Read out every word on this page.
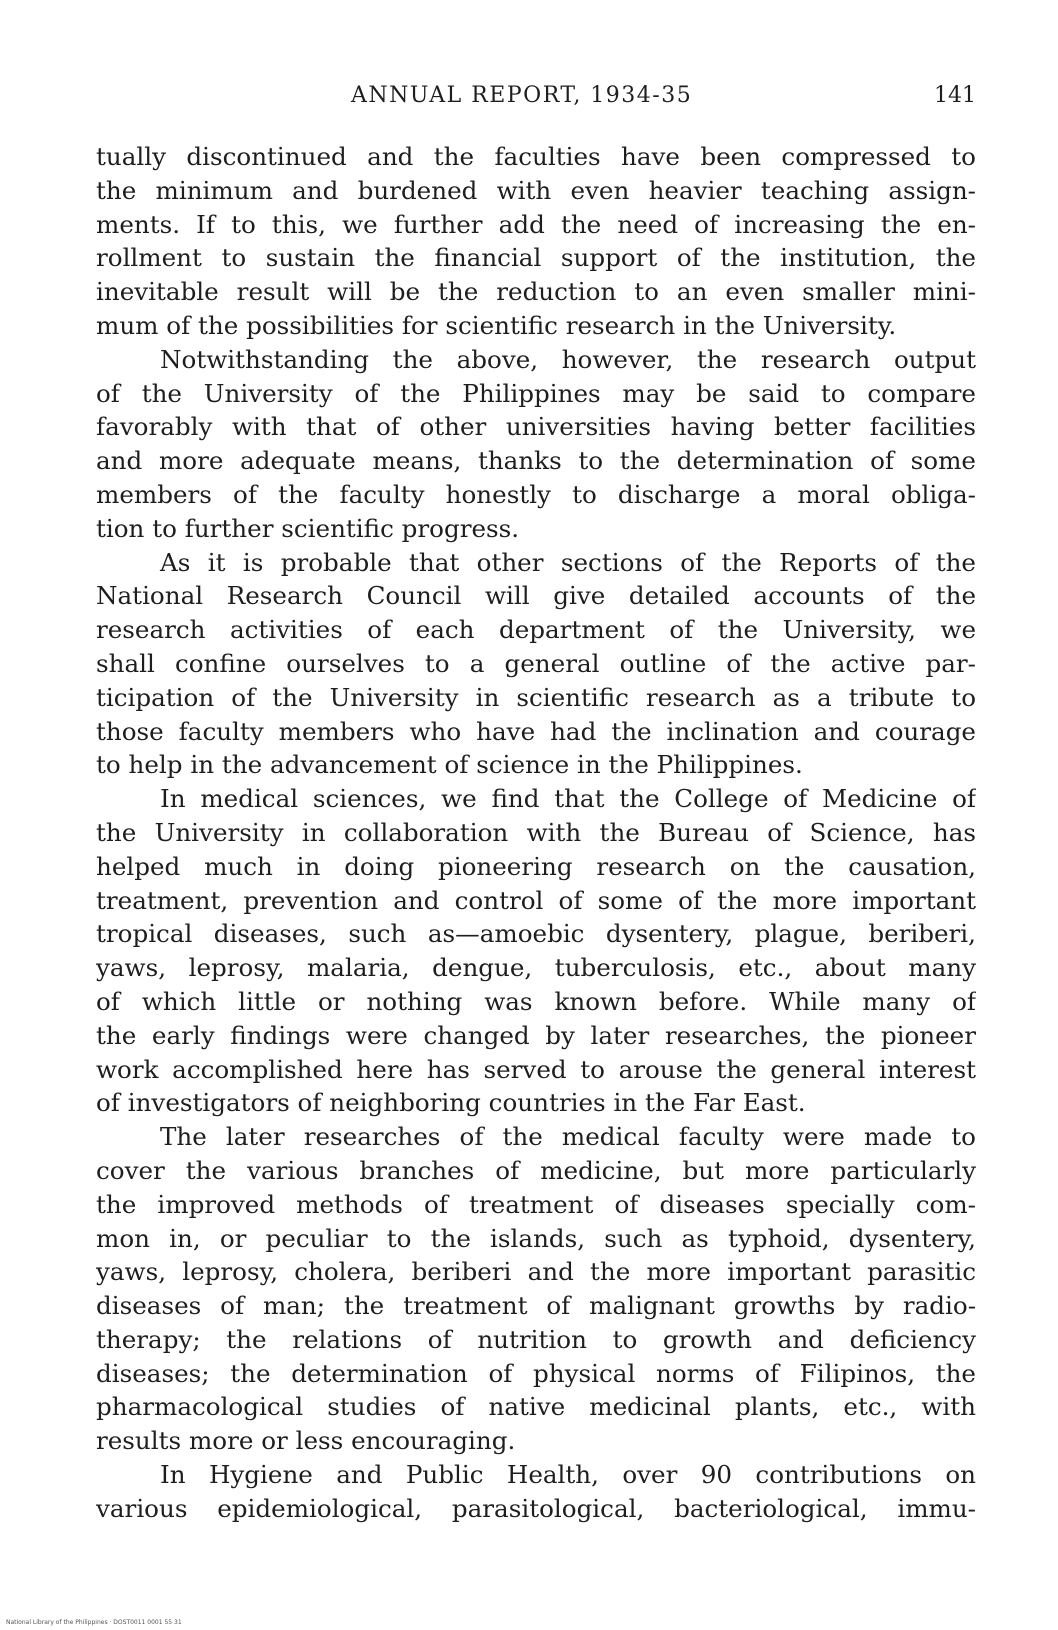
ANNUAL REPORT, 1934-35	141
tually discontinued and the faculties have been compressed to
the minimum and burdened with even heavier teaching assign-
ments. If to this, we further add the need of increasing the en-
rollment to sustain the financial support of the institution, the
inevitable result will be the reduction to an even smaller mini-
mum of the possibilities for scientific research in the University.
Notwithstanding the above, however, the research output
of the University of the Philippines may be said to compare
favorably with that of other universities having better facilities
and more adequate means, thanks to the determination of some
members of the faculty honestly to discharge a moral obliga-
tion to further scientific progress.
As it is probable that other sections of the Reports of the
National Research Council will give detailed accounts of the
research activities of each department of the University, we
shall confine ourselves to a general outline of the active par-
ticipation of the University in scientific research as a tribute to
those faculty members who have had the inclination and courage
to help in the advancement of science in the Philippines.
In medical sciences, we find that the College of Medicine of
the University in collaboration with the Bureau of Science, has
helped much in doing pioneering research on the causation,
treatment, prevention and control of some of the more important
tropical diseases, such as—amoebic dysentery, plague, beriberi,
yaws, leprosy, malaria, dengue, tuberculosis, etc., about many
of which little or nothing was known before. While many of
the early findings were changed by later researches, the pioneer
work accomplished here has served to arouse the general interest
of investigators of neighboring countries in the Far East.
The later researches of the medical faculty were made to
cover the various branches of medicine, but more particularly
the improved methods of treatment of diseases specially com-
mon in, or peculiar to the islands, such as typhoid, dysentery,
yaws, leprosy, cholera, beriberi and the more important parasitic
diseases of man; the treatment of malignant growths by radio-
therapy; the relations of nutrition to growth and deficiency
diseases; the determination of physical norms of Filipinos, the
pharmacological studies of native medicinal plants, etc., with
results more or less encouraging.
In Hygiene and Public Health, over 90 contributions on
various epidemiological, parasitological, bacteriological, immu-
National Library of the Philippines · DOST0011 0001 55 31
